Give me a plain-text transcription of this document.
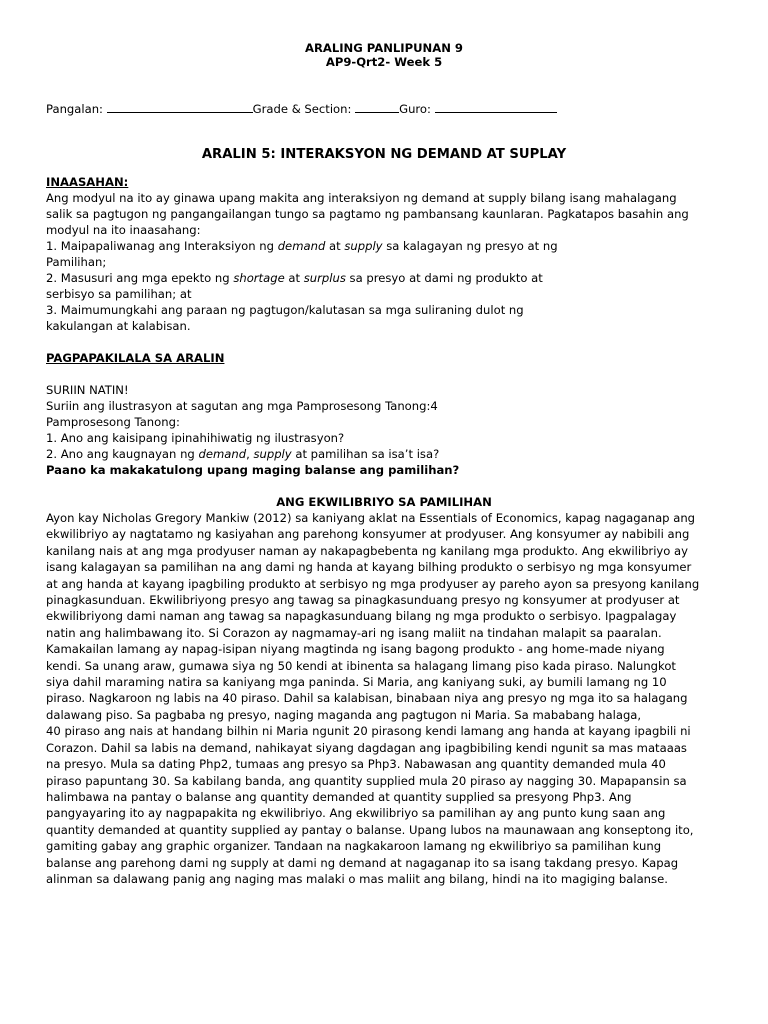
ARALING PANLIPUNAN 9
AP9-Qrt2- Week 5
Pangalan:	Grade & Section:	Guro:
ARALIN 5: INTERAKSYON NG DEMAND AT SUPLAY
INAASAHAN:
Ang modyul na ito ay ginawa upang makita ang interaksiyon ng demand at supply bilang isang mahalagang
salik sa pagtugon ng pangangailangan tungo sa pagtamo ng pambansang kaunlaran. Pagkatapos basahin ang
modyul na ito inaasahang:
1. Maipapaliwanag ang Interaksiyon ng demand at supply sa kalagayan ng presyo at ng
Pamilihan;
2. Masusuri ang mga epekto ng shortage at surplus sa presyo at dami ng produkto at
serbisyo sa pamilihan; at
3. Maimumungkahi ang paraan ng pagtugon/kalutasan sa mga suliraning dulot ng
kakulangan at kalabisan.
PAGPAPAKILALA SA ARALIN
SURIIN NATIN!
Suriin ang ilustrasyon at sagutan ang mga Pamprosesong Tanong:4
Pamprosesong Tanong:
1. Ano ang kaisipang ipinahihiwatig ng ilustrasyon?
2. Ano ang kaugnayan ng demand, supply at pamilihan sa isa’t isa?
Paano ka makakatulong upang maging balanse ang pamilihan?
ANG EKWILIBRIYO SA PAMILIHAN
Ayon kay Nicholas Gregory Mankiw (2012) sa kaniyang aklat na Essentials of Economics, kapag nagaganap ang
ekwilibriyo ay nagtatamo ng kasiyahan ang parehong konsyumer at prodyuser. Ang konsyumer ay nabibili ang
kanilang nais at ang mga prodyuser naman ay nakapagbebenta ng kanilang mga produkto. Ang ekwilibriyo ay
isang kalagayan sa pamilihan na ang dami ng handa at kayang bilhing produkto o serbisyo ng mga konsyumer
at ang handa at kayang ipagbiling produkto at serbisyo ng mga prodyuser ay pareho ayon sa presyong kanilang
pinagkasunduan. Ekwilibriyong presyo ang tawag sa pinagkasunduang presyo ng konsyumer at prodyuser at
ekwilibriyong dami naman ang tawag sa napagkasunduang bilang ng mga produkto o serbisyo. Ipagpalagay
natin ang halimbawang ito. Si Corazon ay nagmamay-ari ng isang maliit na tindahan malapit sa paaralan.
Kamakailan lamang ay napag-isipan niyang magtinda ng isang bagong produkto - ang home-made niyang
kendi. Sa unang araw, gumawa siya ng 50 kendi at ibinenta sa halagang limang piso kada piraso. Nalungkot
siya dahil maraming natira sa kaniyang mga paninda. Si Maria, ang kaniyang suki, ay bumili lamang ng 10
piraso. Nagkaroon ng labis na 40 piraso. Dahil sa kalabisan, binabaan niya ang presyo ng mga ito sa halagang
dalawang piso. Sa pagbaba ng presyo, naging maganda ang pagtugon ni Maria. Sa mababang halaga,
40 piraso ang nais at handang bilhin ni Maria ngunit 20 pirasong kendi lamang ang handa at kayang ipagbili ni
Corazon. Dahil sa labis na demand, nahikayat siyang dagdagan ang ipagbibiling kendi ngunit sa mas mataaas
na presyo. Mula sa dating Php2, tumaas ang presyo sa Php3. Nabawasan ang quantity demanded mula 40
piraso papuntang 30. Sa kabilang banda, ang quantity supplied mula 20 piraso ay nagging 30. Mapapansin sa
halimbawa na pantay o balanse ang quantity demanded at quantity supplied sa presyong Php3. Ang
pangyayaring ito ay nagpapakita ng ekwilibriyo. Ang ekwilibriyo sa pamilihan ay ang punto kung saan ang
quantity demanded at quantity supplied ay pantay o balanse. Upang lubos na maunawaan ang konseptong ito,
gamiting gabay ang graphic organizer. Tandaan na nagkakaroon lamang ng ekwilibriyo sa pamilihan kung
balanse ang parehong dami ng supply at dami ng demand at nagaganap ito sa isang takdang presyo. Kapag
alinman sa dalawang panig ang naging mas malaki o mas maliit ang bilang, hindi na ito magiging balanse.
